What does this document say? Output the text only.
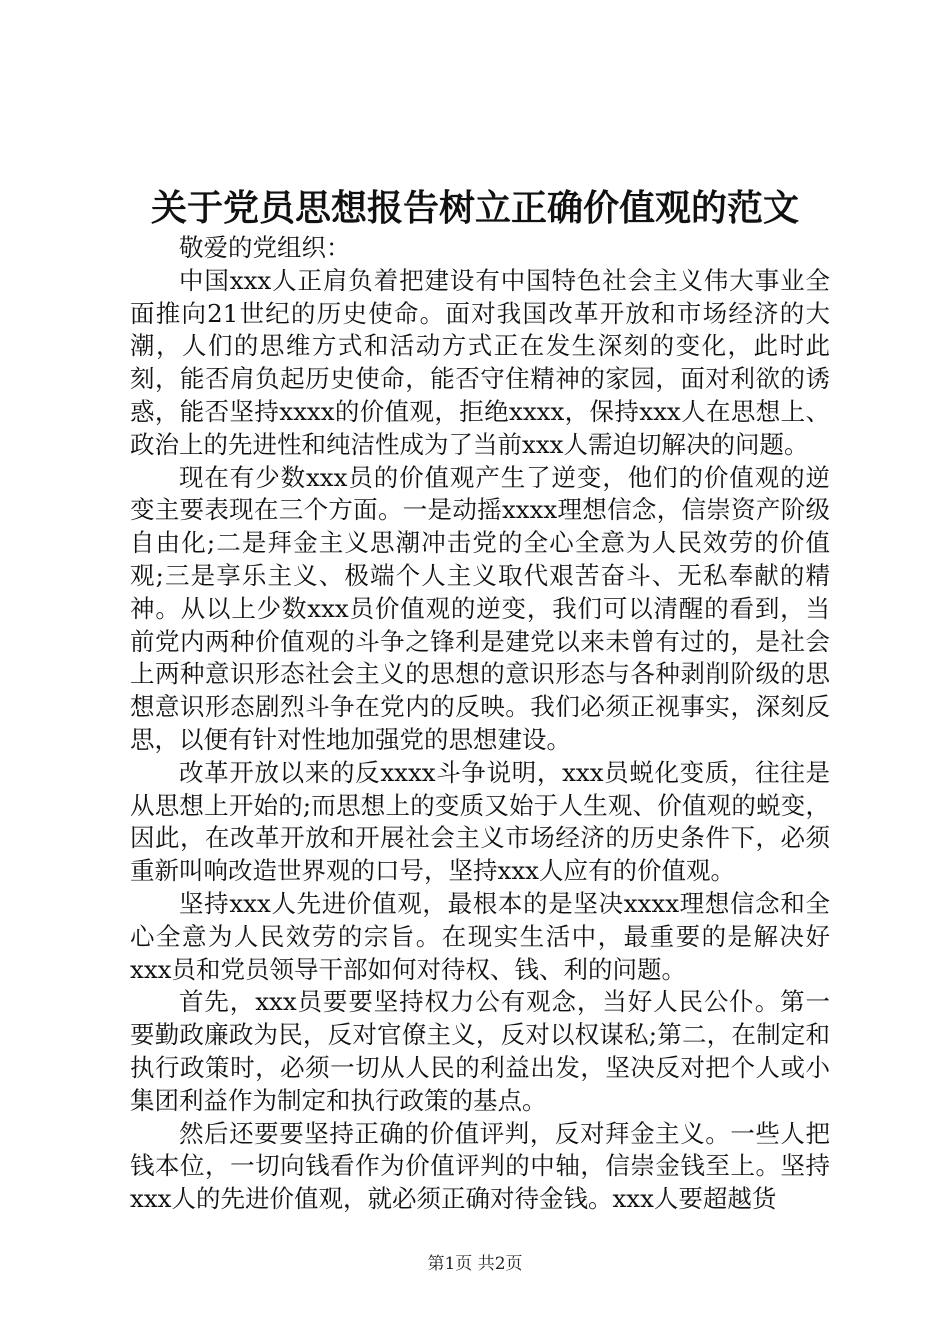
关于党员思想报告树立正确价值观的范文

敬爱的党组织：

中国xxx人正肩负着把建设有中国特色社会主义伟大事业全面推向21世纪的历史使命。面对我国改革开放和市场经济的大潮，人们的思维方式和活动方式正在发生深刻的变化，此时此刻，能否肩负起历史使命，能否守住精神的家园，面对利欲的诱惑，能否坚持xxxx的价值观，拒绝xxxx，保持xxx人在思想上、政治上的先进性和纯洁性成为了当前xxx人需迫切解决的问题。

现在有少数xxx员的价值观产生了逆变，他们的价值观的逆变主要表现在三个方面。一是动摇xxxx理想信念，信崇资产阶级自由化;二是拜金主义思潮冲击党的全心全意为人民效劳的价值观;三是享乐主义、极端个人主义取代艰苦奋斗、无私奉献的精神。从以上少数xxx员价值观的逆变，我们可以清醒的看到，当前党内两种价值观的斗争之锋利是建党以来未曾有过的，是社会上两种意识形态社会主义的思想的意识形态与各种剥削阶级的思想意识形态剧烈斗争在党内的反映。我们必须正视事实，深刻反思，以便有针对性地加强党的思想建设。

改革开放以来的反xxxx斗争说明，xxx员蜕化变质，往往是从思想上开始的;而思想上的变质又始于人生观、价值观的蜕变，因此，在改革开放和开展社会主义市场经济的历史条件下，必须重新叫响改造世界观的口号，坚持xxx人应有的价值观。

坚持xxx人先进价值观，最根本的是坚决xxxx理想信念和全心全意为人民效劳的宗旨。在现实生活中，最重要的是解决好xxx员和党员领导干部如何对待权、钱、利的问题。

首先，xxx员要要坚持权力公有观念，当好人民公仆。第一要勤政廉政为民，反对官僚主义，反对以权谋私;第二，在制定和执行政策时，必须一切从人民的利益出发，坚决反对把个人或小集团利益作为制定和执行政策的基点。

然后还要要坚持正确的价值评判，反对拜金主义。一些人把钱本位，一切向钱看作为价值评判的中轴，信崇金钱至上。坚持xxx人的先进价值观，就必须正确对待金钱。xxx人要超越货

第1页 共2页
